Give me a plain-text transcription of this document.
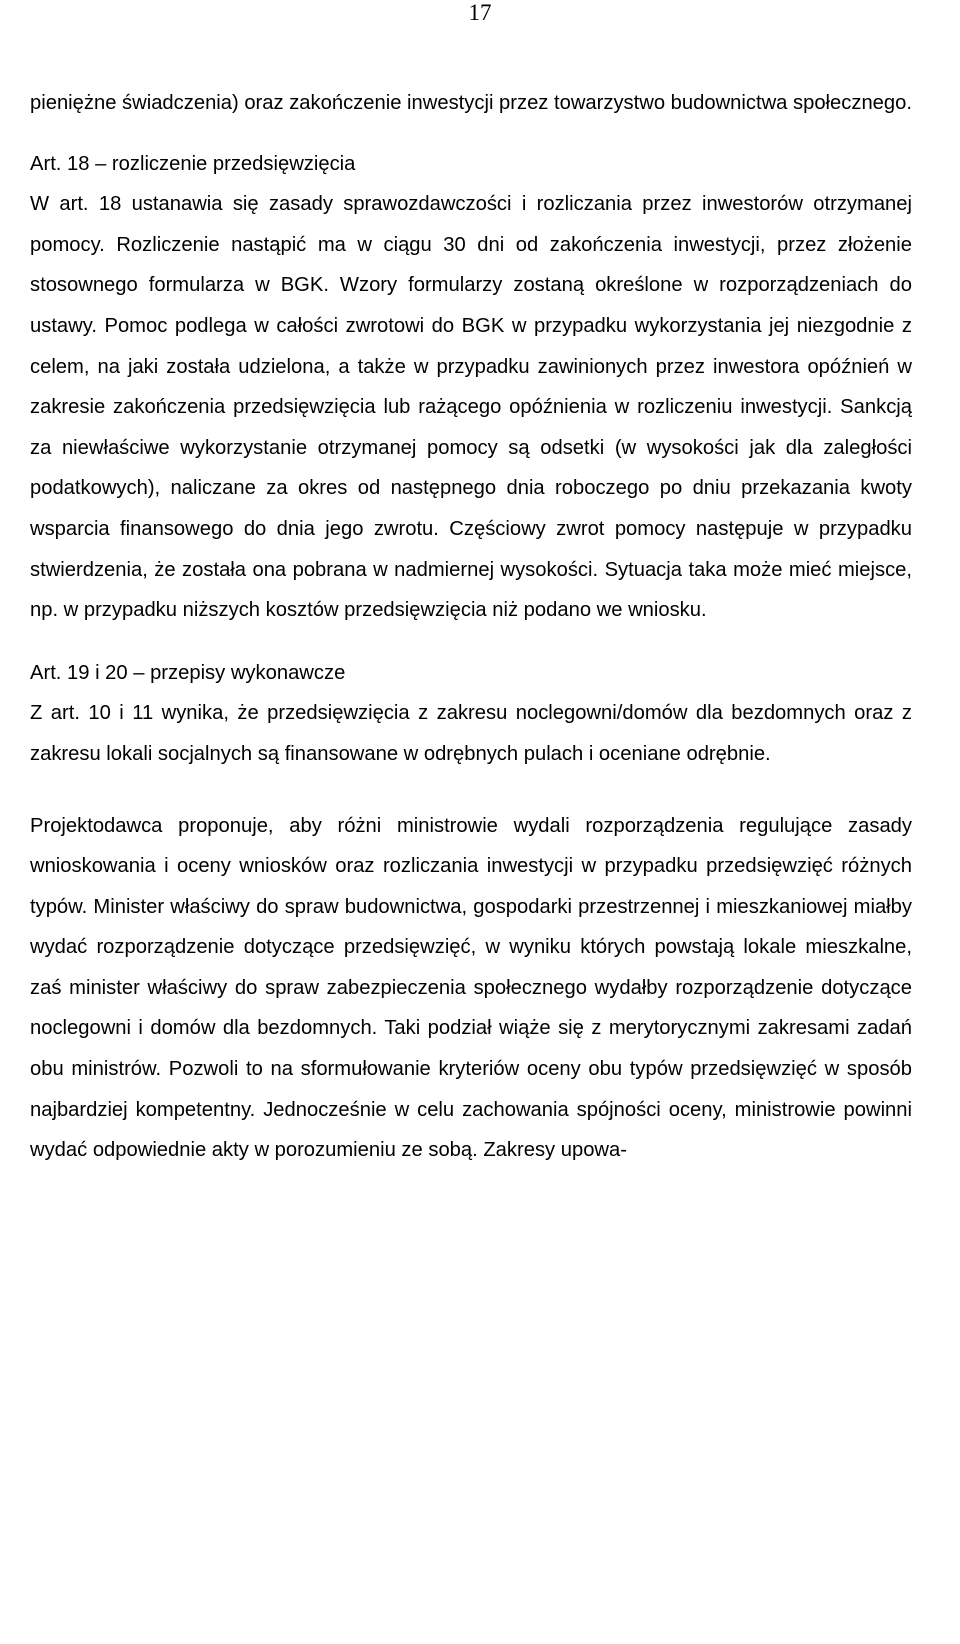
17

pieniężne świadczenia) oraz zakończenie inwestycji przez towarzystwo budownictwa społecznego.

Art. 18 – rozliczenie przedsięwzięcia

W art. 18 ustanawia się zasady sprawozdawczości i rozliczania przez inwestorów otrzymanej pomocy. Rozliczenie nastąpić ma w ciągu 30 dni od zakończenia inwestycji, przez złożenie stosownego formularza w BGK. Wzory formularzy zostaną określone w rozporządzeniach do ustawy. Pomoc podlega w całości zwrotowi do BGK w przypadku wykorzystania jej niezgodnie z celem, na jaki została udzielona, a także w przypadku zawinionych przez inwestora opóźnień w zakresie zakończenia przedsięwzięcia lub rażącego opóźnienia w rozliczeniu inwestycji. Sankcją za niewłaściwe wykorzystanie otrzymanej pomocy są odsetki (w wysokości jak dla zaległości podatkowych), naliczane za okres od następnego dnia roboczego po dniu przekazania kwoty wsparcia finansowego do dnia jego zwrotu. Częściowy zwrot pomocy następuje w przypadku stwierdzenia, że została ona pobrana w nadmiernej wysokości. Sytuacja taka może mieć miejsce, np. w przypadku niższych kosztów przedsięwzięcia niż podano we wniosku.

Art. 19 i 20 – przepisy wykonawcze

Z art. 10 i 11 wynika, że przedsięwzięcia z zakresu noclegowni/domów dla bezdomnych oraz z zakresu lokali socjalnych są finansowane w odrębnych pulach i oceniane odrębnie.

Projektodawca proponuje, aby różni ministrowie wydali rozporządzenia regulujące zasady wnioskowania i oceny wniosków oraz rozliczania inwestycji w przypadku przedsięwzięć różnych typów. Minister właściwy do spraw budownictwa, gospodarki przestrzennej i mieszkaniowej miałby wydać rozporządzenie dotyczące przedsięwzięć, w wyniku których powstają lokale mieszkalne, zaś minister właściwy do spraw zabezpieczenia społecznego wydałby rozporządzenie dotyczące noclegowni i domów dla bezdomnych. Taki podział wiąże się z merytorycznymi zakresami zadań obu ministrów. Pozwoli to na sformułowanie kryteriów oceny obu typów przedsięwzięć w sposób najbardziej kompetentny. Jednocześnie w celu zachowania spójności oceny, ministrowie powinni wydać odpowiednie akty w porozumieniu ze sobą. Zakresy upowa-
